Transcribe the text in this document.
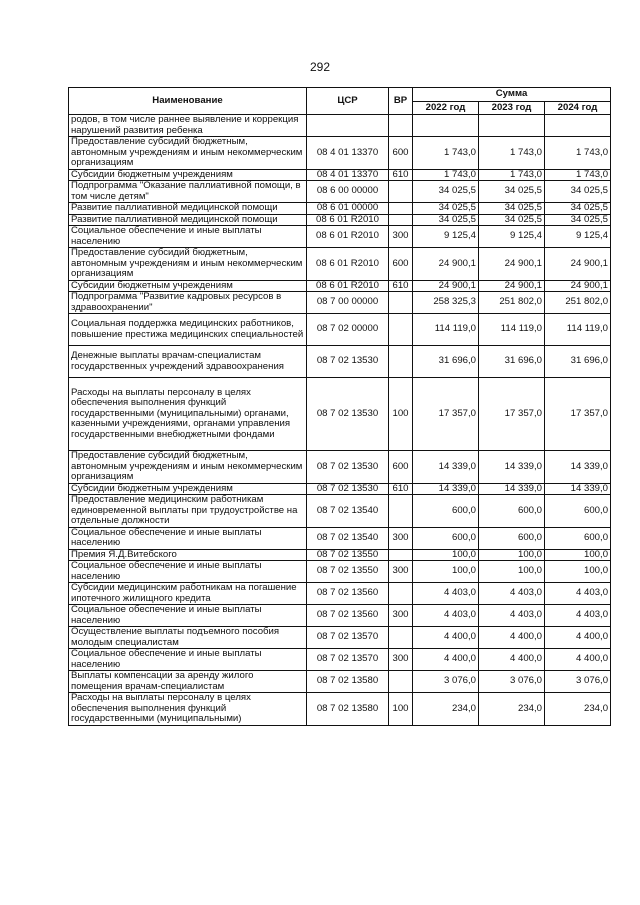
292
Наименование	ЦСР	ВР	Сумма		
			2022 год	2023 год	2024 год
родов, в том числе раннее выявление и коррекция нарушений развития ребенка					
Предоставление субсидий бюджетным, автономным учреждениям и иным некоммерческим организациям	08 4 01 13370	600	1 743,0	1 743,0	1 743,0
Субсидии бюджетным учреждениям	08 4 01 13370	610	1 743,0	1 743,0	1 743,0
Подпрограмма "Оказание паллиативной помощи, в том числе детям"	08 6 00 00000		34 025,5	34 025,5	34 025,5
Развитие паллиативной медицинской помощи	08 6 01 00000		34 025,5	34 025,5	34 025,5
Развитие паллиативной медицинской помощи	08 6 01 R2010		34 025,5	34 025,5	34 025,5
Социальное обеспечение и иные выплаты населению	08 6 01 R2010	300	9 125,4	9 125,4	9 125,4
Предоставление субсидий бюджетным, автономным учреждениям и иным некоммерческим организациям	08 6 01 R2010	600	24 900,1	24 900,1	24 900,1
Субсидии бюджетным учреждениям	08 6 01 R2010	610	24 900,1	24 900,1	24 900,1
Подпрограмма "Развитие кадровых ресурсов в здравоохранении"	08 7 00 00000		258 325,3	251 802,0	251 802,0
Социальная поддержка медицинских работников, повышение престижа медицинских специальностей	08 7 02 00000		114 119,0	114 119,0	114 119,0
Денежные выплаты врачам-специалистам государственных учреждений здравоохранения	08 7 02 13530		31 696,0	31 696,0	31 696,0
Расходы на выплаты персоналу в целях обеспечения выполнения функций государственными (муниципальными) органами, казенными учреждениями, органами управления государственными внебюджетными фондами	08 7 02 13530	100	17 357,0	17 357,0	17 357,0
Предоставление субсидий бюджетным, автономным учреждениям и иным некоммерческим организациям	08 7 02 13530	600	14 339,0	14 339,0	14 339,0
Субсидии бюджетным учреждениям	08 7 02 13530	610	14 339,0	14 339,0	14 339,0
Предоставление медицинским работникам единовременной выплаты при трудоустройстве на отдельные должности	08 7 02 13540		600,0	600,0	600,0
Социальное обеспечение и иные выплаты населению	08 7 02 13540	300	600,0	600,0	600,0
Премия Я.Д.Витебского	08 7 02 13550		100,0	100,0	100,0
Социальное обеспечение и иные выплаты населению	08 7 02 13550	300	100,0	100,0	100,0
Субсидии медицинским работникам на погашение ипотечного жилищного кредита	08 7 02 13560		4 403,0	4 403,0	4 403,0
Социальное обеспечение и иные выплаты населению	08 7 02 13560	300	4 403,0	4 403,0	4 403,0
Осуществление выплаты подъемного пособия молодым специалистам	08 7 02 13570		4 400,0	4 400,0	4 400,0
Социальное обеспечение и иные выплаты населению	08 7 02 13570	300	4 400,0	4 400,0	4 400,0
Выплаты компенсации за аренду жилого помещения врачам-специалистам	08 7 02 13580		3 076,0	3 076,0	3 076,0
Расходы на выплаты персоналу в целях обеспечения выполнения функций государственными (муниципальными)	08 7 02 13580	100	234,0	234,0	234,0
